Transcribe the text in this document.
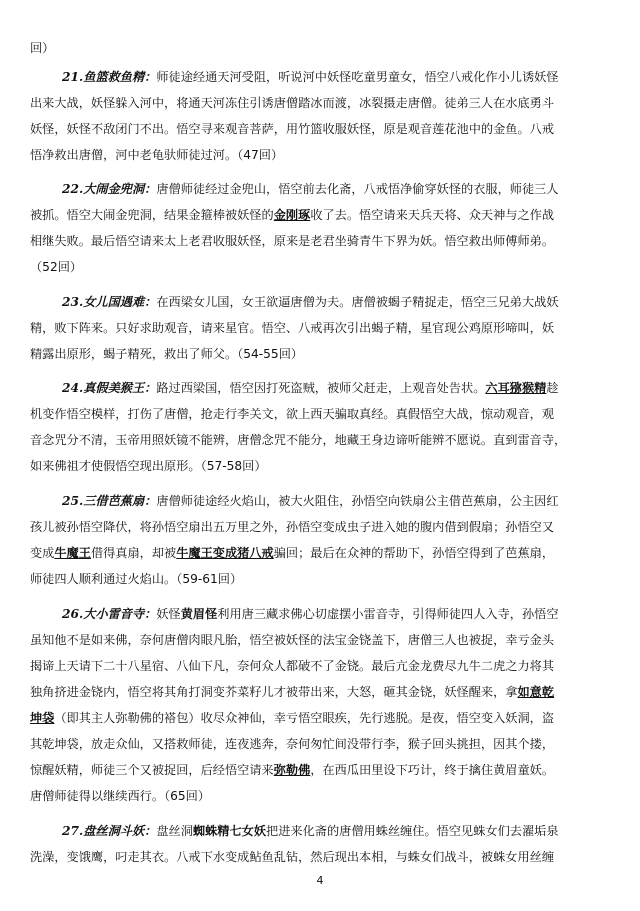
回）
21.鱼篮救鱼精：师徒途经通天河受阻，听说河中妖怪吃童男童女，悟空八戒化作小儿诱妖怪
出来大战，妖怪躲入河中，将通天河冻住引诱唐僧踏冰而渡，冰裂摄走唐僧。徒弟三人在水底勇斗
妖怪，妖怪不敌闭门不出。悟空寻来观音菩萨，用竹篮收服妖怪，原是观音莲花池中的金鱼。八戒
悟净救出唐僧，河中老龟驮师徒过河。（47回）
22.大闹金兜洞：唐僧师徒经过金兜山，悟空前去化斋，八戒悟净偷穿妖怪的衣服，师徒三人
被抓。悟空大闹金兜洞，结果金箍棒被妖怪的金刚琢收了去。悟空请来天兵天将、众天神与之作战
相继失败。最后悟空请来太上老君收服妖怪，原来是老君坐骑青牛下界为妖。悟空救出师傅师弟。
（52回）
23.女儿国遇难：在西梁女儿国，女王欲逼唐僧为夫。唐僧被蝎子精捉走，悟空三兄弟大战妖
精，败下阵来。只好求助观音，请来星官。悟空、八戒再次引出蝎子精，星官现公鸡原形啼叫，妖
精露出原形，蝎子精死，救出了师父。（54-55回）
24.真假美猴王：路过西梁国，悟空因打死盗贼，被师父赶走，上观音处告状。六耳猕猴精趁
机变作悟空模样，打伤了唐僧，抢走行李关文，欲上西天骗取真经。真假悟空大战，惊动观音，观
音念咒分不清，玉帝用照妖镜不能辨，唐僧念咒不能分，地藏王身边谛听能辨不愿说。直到雷音寺，
如来佛祖才使假悟空现出原形。（57-58回）
25.三借芭蕉扇：唐僧师徒途经火焰山，被大火阻住，孙悟空向铁扇公主借芭蕉扇，公主因红
孩儿被孙悟空降伏，将孙悟空扇出五万里之外，孙悟空变成虫子进入她的腹内借到假扇；孙悟空又
变成牛魔王借得真扇，却被牛魔王变成猪八戒骗回；最后在众神的帮助下，孙悟空得到了芭蕉扇，
师徒四人顺利通过火焰山。（59-61回）
26.大小雷音寺：妖怪黄眉怪利用唐三藏求佛心切虚摆小雷音寺，引得师徒四人入寺，孙悟空
虽知他不是如来佛，奈何唐僧肉眼凡胎，悟空被妖怪的法宝金铙盖下，唐僧三人也被捉，幸亏金头
揭谛上天请下二十八星宿、八仙下凡，奈何众人都破不了金铙。最后亢金龙费尽九牛二虎之力将其
独角挤进金铙内，悟空将其角打洞变芥菜籽儿才被带出来，大怒，砸其金铙，妖怪醒来，拿如意乾
坤袋（即其主人弥勒佛的褡包）收尽众神仙，幸亏悟空眼疾，先行逃脱。是夜，悟空变入妖洞，盗
其乾坤袋，放走众仙，又搭救师徒，连夜逃奔，奈何匆忙间没带行李，猴子回头挑担，因其个搂，
惊醒妖精，师徒三个又被捉回，后经悟空请来弥勒佛，在西瓜田里设下巧计，终于擒住黄眉童妖。
唐僧师徒得以继续西行。（65回）
27.盘丝洞斗妖：盘丝洞蜘蛛精七女妖把进来化斋的唐僧用蛛丝缠住。悟空见蛛女们去濯垢泉
洗澡，变饿鹰，叼走其衣。八戒下水变成鲇鱼乱钻，然后现出本相，与蛛女们战斗，被蛛女用丝缠
4
